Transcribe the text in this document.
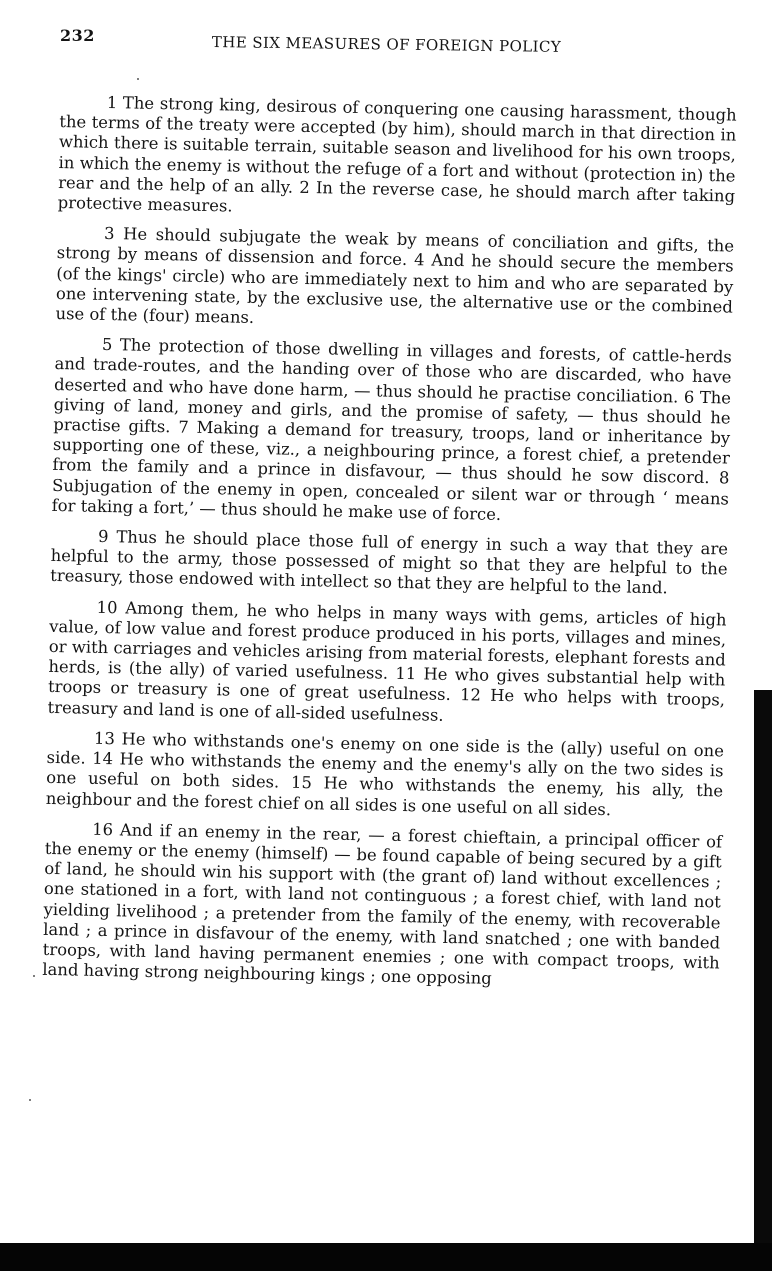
232	THE SIX MEASURES OF FOREIGN POLICY

1 The strong king, desirous of conquering one causing harassment, though the terms of the treaty were accepted (by him), should march in that direction in which there is suitable terrain, suitable season and livelihood for his own troops, in which the enemy is without the refuge of a fort and without (protection in) the rear and the help of an ally. 2 In the reverse case, he should march after taking protective measures.

3 He should subjugate the weak by means of conciliation and gifts, the strong by means of dissension and force. 4 And he should secure the members (of the kings' circle) who are immediately next to him and who are separated by one intervening state, by the exclusive use, the alternative use or the combined use of the (four) means.

5 The protection of those dwelling in villages and forests, of cattle-herds and trade-routes, and the handing over of those who are discarded, who have deserted and who have done harm, — thus should he practise conciliation. 6 The giving of land, money and girls, and the promise of safety, — thus should he practise gifts. 7 Making a demand for treasury, troops, land or inheritance by supporting one of these, viz., a neighbouring prince, a forest chief, a pretender from the family and a prince in disfavour, — thus should he sow discord. 8 Subjugation of the enemy in open, concealed or silent war or through ‘ means for taking a fort,’ — thus should he make use of force.

9 Thus he should place those full of energy in such a way that they are helpful to the army, those possessed of might so that they are helpful to the treasury, those endowed with intellect so that they are helpful to the land.

10 Among them, he who helps in many ways with gems, articles of high value, of low value and forest produce produced in his ports, villages and mines, or with carriages and vehicles arising from material forests, elephant forests and herds, is (the ally) of varied usefulness. 11 He who gives substantial help with troops or treasury is one of great usefulness. 12 He who helps with troops, treasury and land is one of all-sided usefulness.

13 He who withstands one's enemy on one side is the (ally) useful on one side. 14 He who withstands the enemy and the enemy's ally on the two sides is one useful on both sides. 15 He who withstands the enemy, his ally, the neighbour and the forest chief on all sides is one useful on all sides.

16 And if an enemy in the rear, — a forest chieftain, a principal officer of the enemy or the enemy (himself) — be found capable of being secured by a gift of land, he should win his support with (the grant of) land without excellences ; one stationed in a fort, with land not continguous ; a forest chief, with land not yielding livelihood ; a pretender from the family of the enemy, with recoverable land ; a prince in disfavour of the enemy, with land snatched ; one with banded troops, with land having permanent enemies ; one with compact troops, with land having strong neighbouring kings ; one opposing
